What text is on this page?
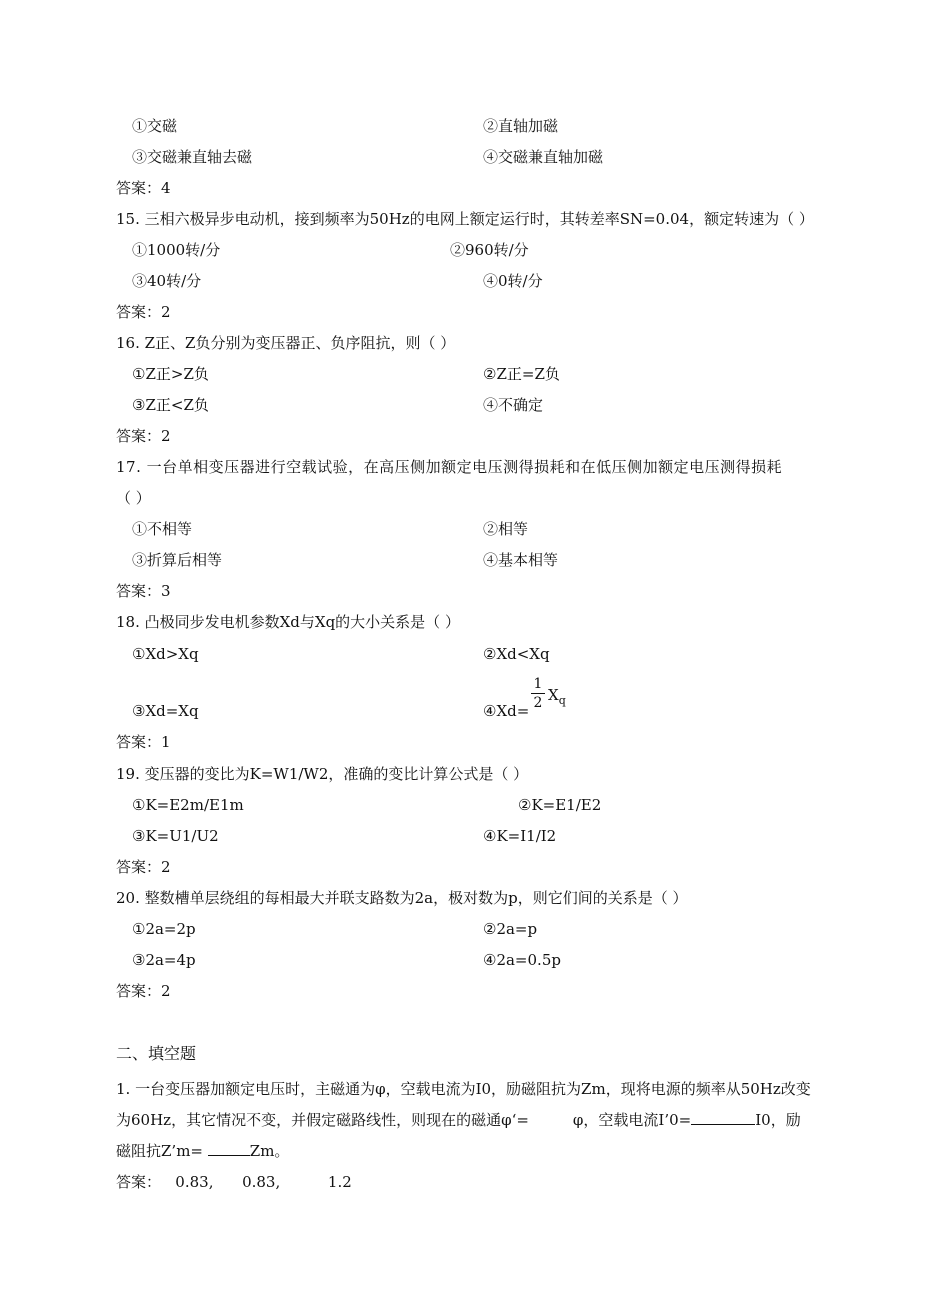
①交磁	②直轴加磁
③交磁兼直轴去磁	④交磁兼直轴加磁
答案：4
15. 三相六极异步电动机，接到频率为50Hz的电网上额定运行时，其转差率SN=0.04，额定转速为（ ）
①1000转/分	②960转/分
③40转/分	④0转/分
答案：2
16. Z正、Z负分别为变压器正、负序阻抗，则（ ）
①Z正>Z负	②Z正=Z负
③Z正<Z负	④不确定
答案：2
17. 一台单相变压器进行空载试验，在高压侧加额定电压测得损耗和在低压侧加额定电压测得损耗
（ ）
①不相等	②相等
③折算后相等	④基本相等
答案：3
18. 凸极同步发电机参数Xd与Xq的大小关系是（ ）
①Xd>Xq	②Xd<Xq
③Xd=Xq	④Xd=
1
2 $X_q$
答案：1
19. 变压器的变比为K=W1/W2，准确的变比计算公式是（ ）
①K=E2m/E1m	②K=E1/E2
③K=U1/U2	④K=I1/I2
答案：2
20. 整数槽单层绕组的每相最大并联支路数为2a，极对数为p，则它们间的关系是（ ）
①2a=2p	②2a=p
③2a=4p	④2a=0.5p
答案：2
二、填空题
1. 一台变压器加额定电压时，主磁通为φ，空载电流为I0，励磁阻抗为Zm，现将电源的频率从50Hz改变
为60Hz，其它情况不变，并假定磁路线性，则现在的磁通φ‘=	φ，空载电流I’0=	I0，励
磁阻抗Z’m=	Zm。
答案：   0.83,      0.83,          1.2
